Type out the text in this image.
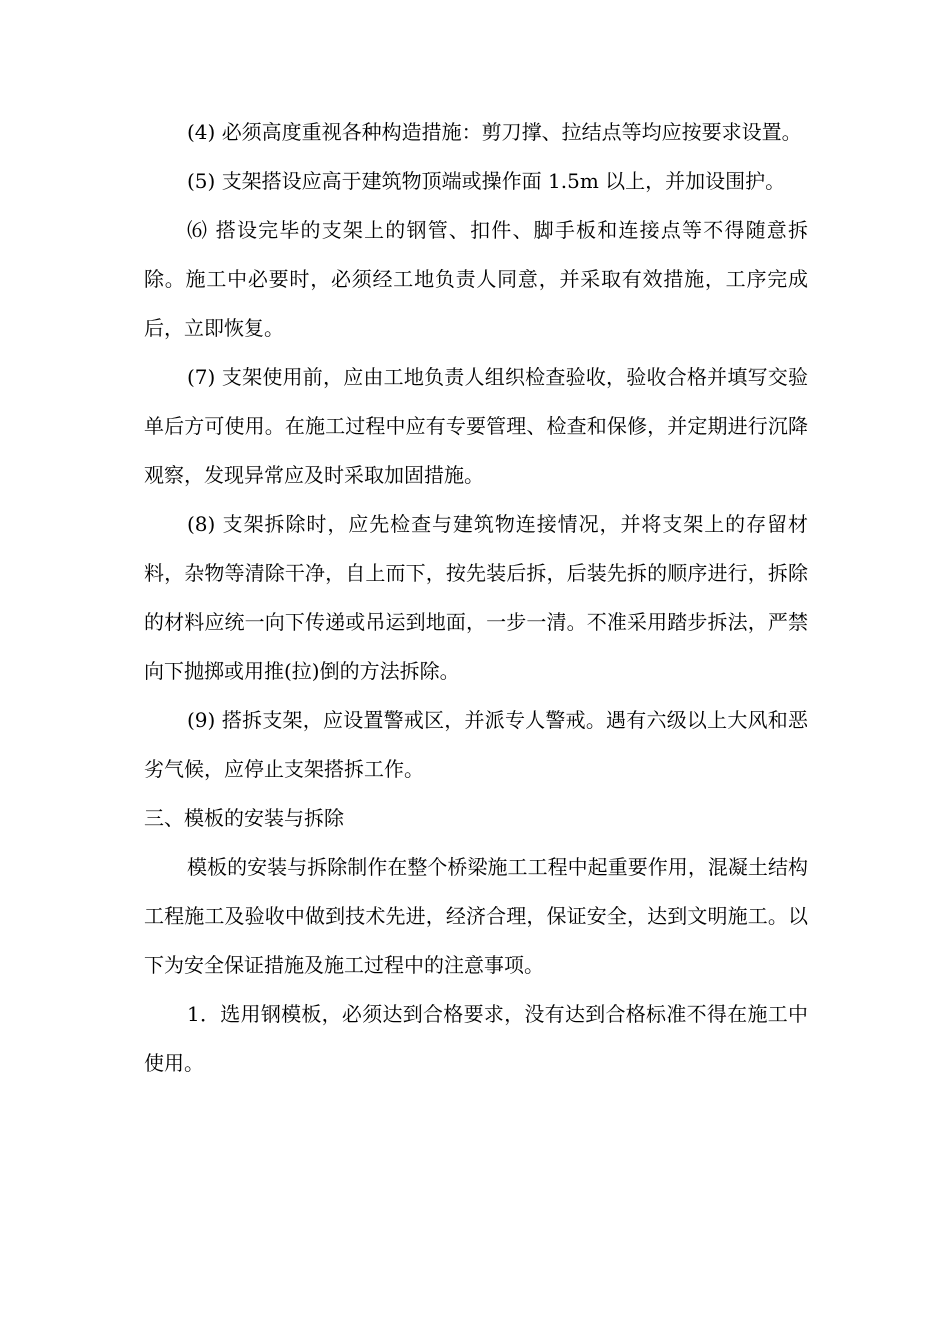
(4) 必须高度重视各种构造措施：剪刀撑、拉结点等均应按要求设置。

(5) 支架搭设应高于建筑物顶端或操作面 1.5m 以上，并加设围护。

⑹ 搭设完毕的支架上的钢管、扣件、脚手板和连接点等不得随意拆除。施工中必要时，必须经工地负责人同意，并采取有效措施，工序完成后，立即恢复。

(7) 支架使用前，应由工地负责人组织检查验收，验收合格并填写交验单后方可使用。在施工过程中应有专要管理、检查和保修，并定期进行沉降观察，发现异常应及时采取加固措施。

(8) 支架拆除时，应先检查与建筑物连接情况，并将支架上的存留材料，杂物等清除干净，自上而下，按先装后拆，后装先拆的顺序进行，拆除的材料应统一向下传递或吊运到地面，一步一清。不准采用踏步拆法，严禁向下抛掷或用推(拉)倒的方法拆除。

(9) 搭拆支架，应设置警戒区，并派专人警戒。遇有六级以上大风和恶劣气候，应停止支架搭拆工作。

三、模板的安装与拆除

模板的安装与拆除制作在整个桥梁施工工程中起重要作用，混凝土结构工程施工及验收中做到技术先进，经济合理，保证安全，达到文明施工。以下为安全保证措施及施工过程中的注意事项。

1．选用钢模板，必须达到合格要求，没有达到合格标准不得在施工中使用。
